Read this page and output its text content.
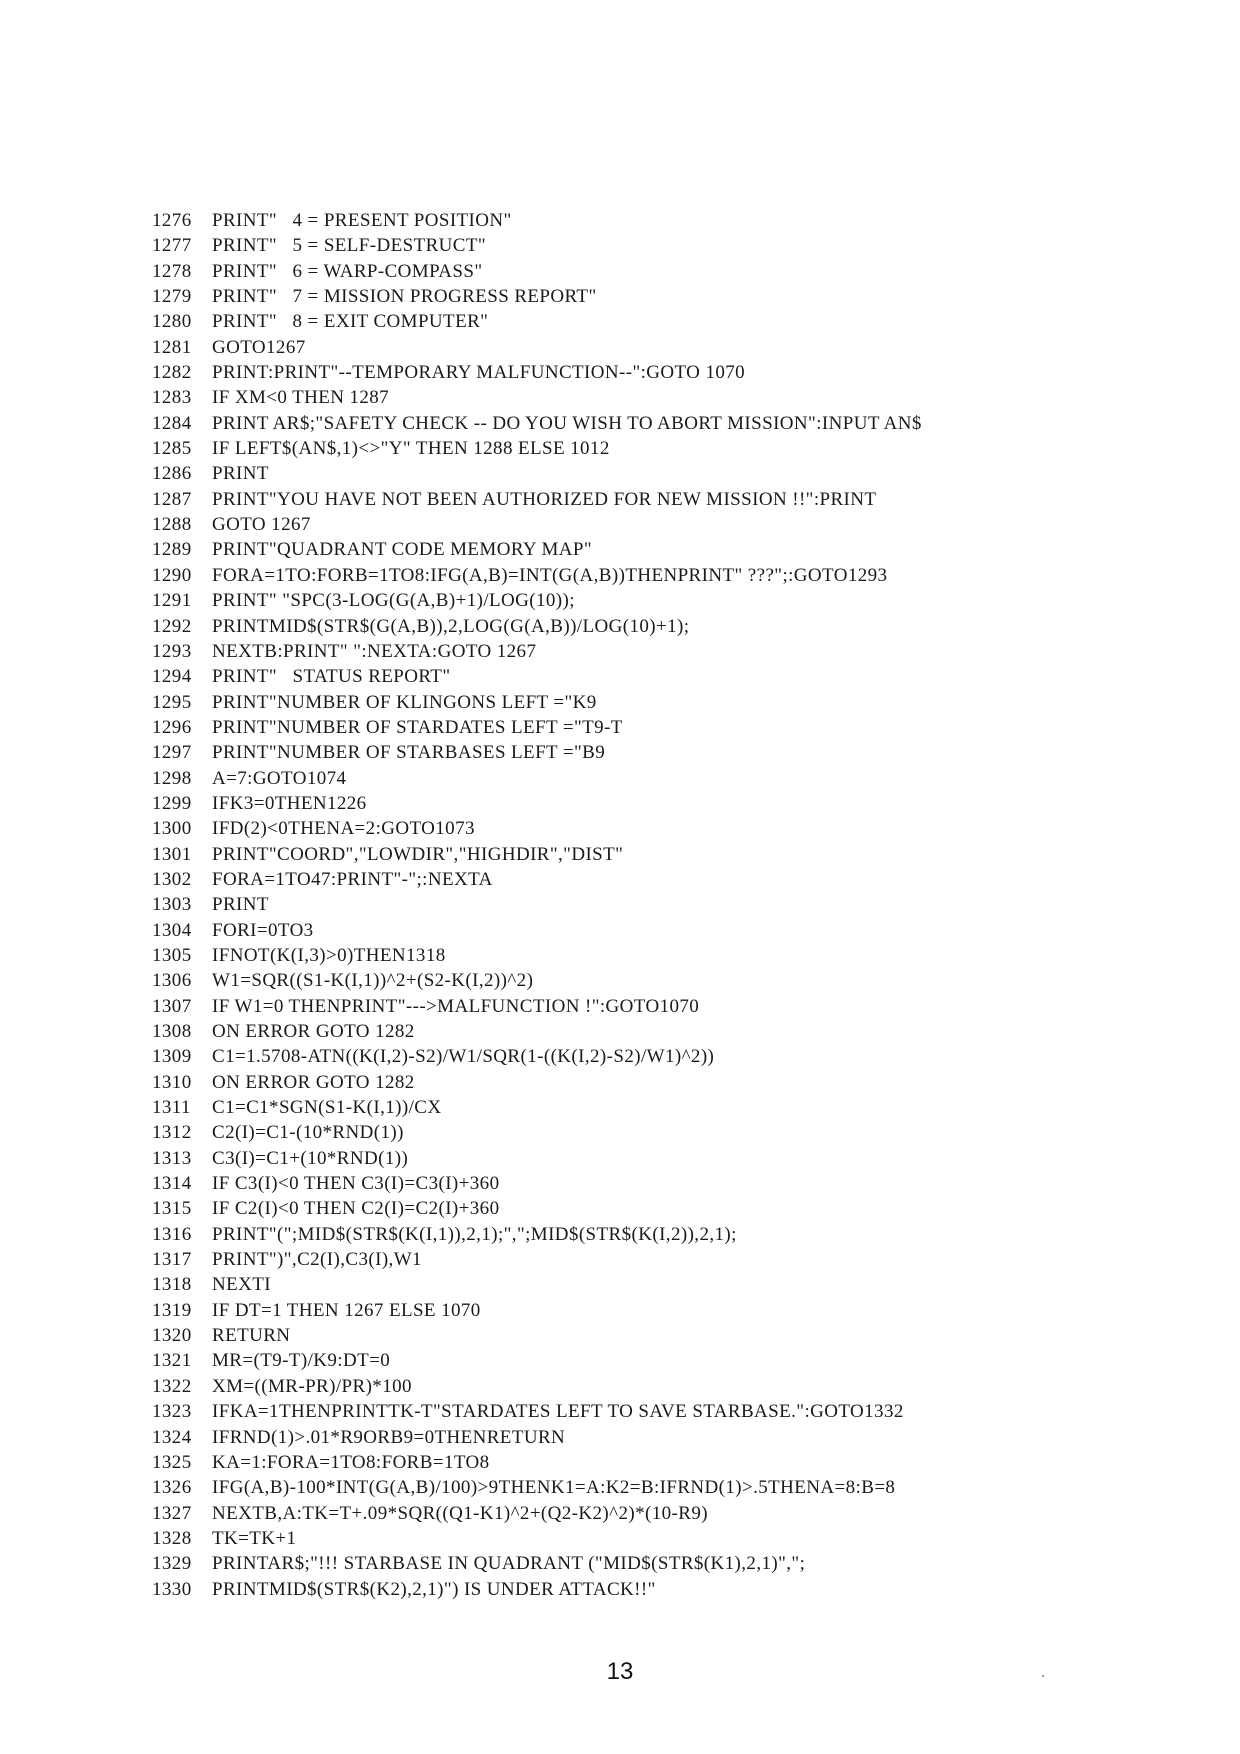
1276	PRINT"   4 = PRESENT POSITION"
1277	PRINT"   5 = SELF-DESTRUCT"
1278	PRINT"   6 = WARP-COMPASS"
1279	PRINT"   7 = MISSION PROGRESS REPORT"
1280	PRINT"   8 = EXIT COMPUTER"
1281	GOTO1267
1282	PRINT:PRINT"--TEMPORARY MALFUNCTION--":GOTO 1070
1283	IF XM<0 THEN 1287
1284	PRINT AR$;"SAFETY CHECK -- DO YOU WISH TO ABORT MISSION":INPUT AN$
1285	IF LEFT$(AN$,1)<>"Y" THEN 1288 ELSE 1012
1286	PRINT
1287	PRINT"YOU HAVE NOT BEEN AUTHORIZED FOR NEW MISSION !!":PRINT
1288	GOTO 1267
1289	PRINT"QUADRANT CODE MEMORY MAP"
1290	FORA=1TO:FORB=1TO8:IFG(A,B)=INT(G(A,B))THENPRINT" ???";:GOTO1293
1291	PRINT" "SPC(3-LOG(G(A,B)+1)/LOG(10));
1292	PRINTMID$(STR$(G(A,B)),2,LOG(G(A,B))/LOG(10)+1);
1293	NEXTB:PRINT" ":NEXTA:GOTO 1267
1294	PRINT"   STATUS REPORT"
1295	PRINT"NUMBER OF KLINGONS LEFT ="K9
1296	PRINT"NUMBER OF STARDATES LEFT ="T9-T
1297	PRINT"NUMBER OF STARBASES LEFT ="B9
1298	A=7:GOTO1074
1299	IFK3=0THEN1226
1300	IFD(2)<0THENA=2:GOTO1073
1301	PRINT"COORD","LOWDIR","HIGHDIR","DIST"
1302	FORA=1TO47:PRINT"-";:NEXTA
1303	PRINT
1304	FORI=0TO3
1305	IFNOT(K(I,3)>0)THEN1318
1306	W1=SQR((S1-K(I,1))^2+(S2-K(I,2))^2)
1307	IF W1=0 THENPRINT"--->MALFUNCTION !":GOTO1070
1308	ON ERROR GOTO 1282
1309	C1=1.5708-ATN((K(I,2)-S2)/W1/SQR(1-((K(I,2)-S2)/W1)^2))
1310	ON ERROR GOTO 1282
1311	C1=C1*SGN(S1-K(I,1))/CX
1312	C2(I)=C1-(10*RND(1))
1313	C3(I)=C1+(10*RND(1))
1314	IF C3(I)<0 THEN C3(I)=C3(I)+360
1315	IF C2(I)<0 THEN C2(I)=C2(I)+360
1316	PRINT"(";MID$(STR$(K(I,1)),2,1);",";MID$(STR$(K(I,2)),2,1);
1317	PRINT")",C2(I),C3(I),W1
1318	NEXTI
1319	IF DT=1 THEN 1267 ELSE 1070
1320	RETURN
1321	MR=(T9-T)/K9:DT=0
1322	XM=((MR-PR)/PR)*100
1323	IFKA=1THENPRINTTK-T"STARDATES LEFT TO SAVE STARBASE.":GOTO1332
1324	IFRND(1)>.01*R9ORB9=0THENRETURN
1325	KA=1:FORA=1TO8:FORB=1TO8
1326	IFG(A,B)-100*INT(G(A,B)/100)>9THENK1=A:K2=B:IFRND(1)>.5THENA=8:B=8
1327	NEXTB,A:TK=T+.09*SQR((Q1-K1)^2+(Q2-K2)^2)*(10-R9)
1328	TK=TK+1
1329	PRINTAR$;"!!! STARBASE IN QUADRANT ("MID$(STR$(K1),2,1)",";
1330	PRINTMID$(STR$(K2),2,1)") IS UNDER ATTACK!!"
13
